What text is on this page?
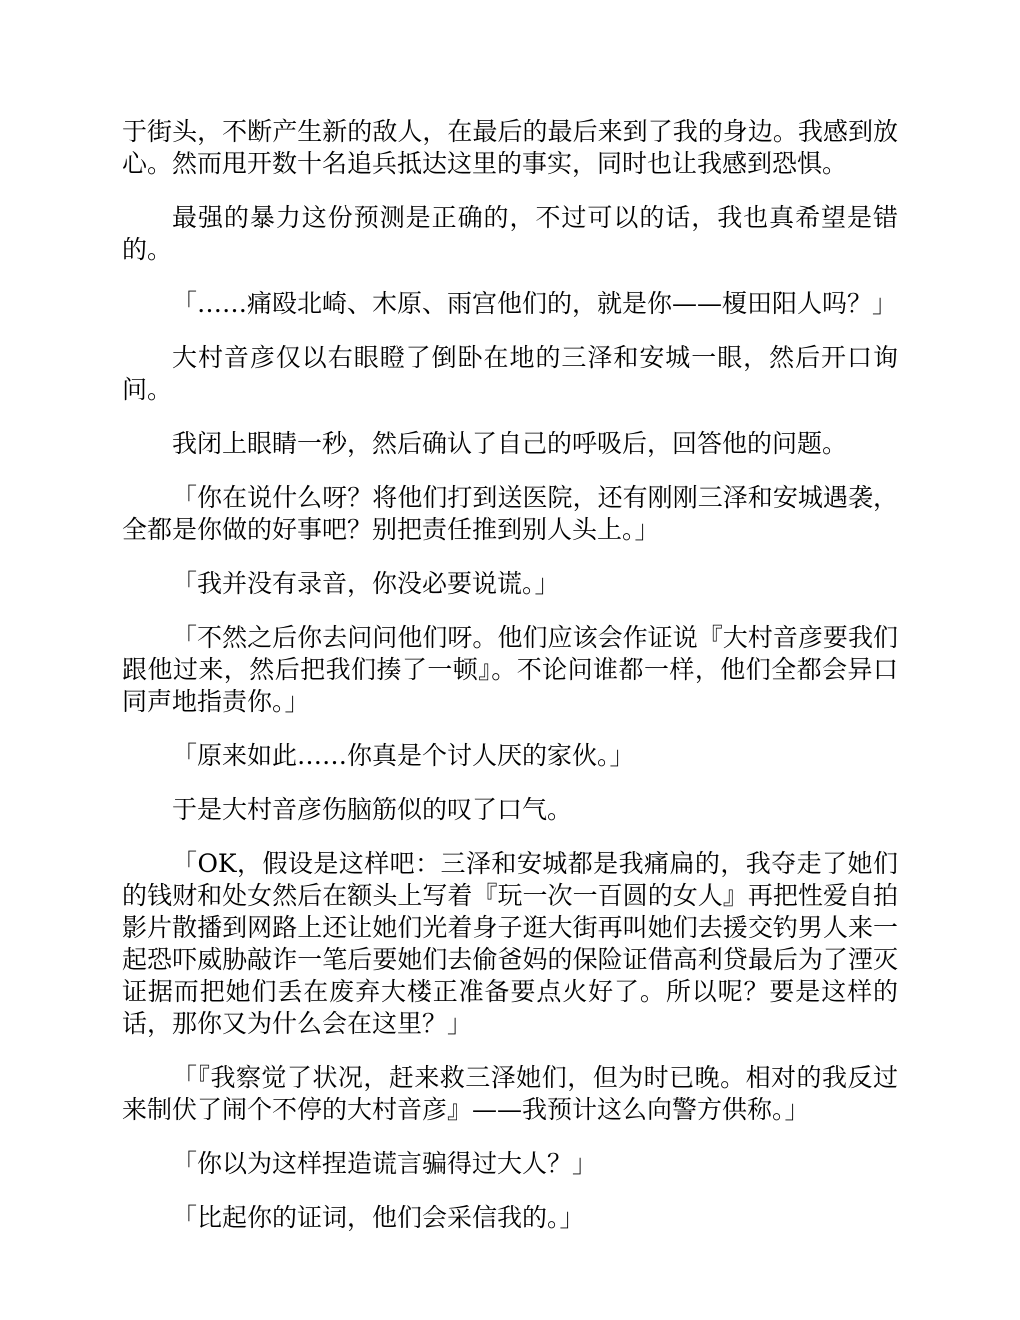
于街头，不断产生新的敌人，在最后的最后来到了我的身边。我感到放心。然而甩开数十名追兵抵达这里的事实，同时也让我感到恐惧。

最强的暴力这份预测是正确的，不过可以的话，我也真希望是错的。

「……痛殴北崎、木原、雨宫他们的，就是你——榎田阳人吗？」

大村音彦仅以右眼瞪了倒卧在地的三泽和安城一眼，然后开口询问。

我闭上眼睛一秒，然后确认了自己的呼吸后，回答他的问题。

「你在说什么呀？将他们打到送医院，还有刚刚三泽和安城遇袭，全都是你做的好事吧？别把责任推到别人头上。」

「我并没有录音，你没必要说谎。」

「不然之后你去问问他们呀。他们应该会作证说『大村音彦要我们跟他过来，然后把我们揍了一顿』。不论问谁都一样，他们全都会异口同声地指责你。」

「原来如此……你真是个讨人厌的家伙。」

于是大村音彦伤脑筋似的叹了口气。

「OK，假设是这样吧：三泽和安城都是我痛扁的，我夺走了她们的钱财和处女然后在额头上写着『玩一次一百圆的女人』再把性爱自拍影片散播到网路上还让她们光着身子逛大街再叫她们去援交钓男人来一起恐吓威胁敲诈一笔后要她们去偷爸妈的保险证借高利贷最后为了湮灭证据而把她们丢在废弃大楼正准备要点火好了。所以呢？要是这样的话，那你又为什么会在这里？」

「『我察觉了状况，赶来救三泽她们，但为时已晚。相对的我反过来制伏了闹个不停的大村音彦』——我预计这么向警方供称。」

「你以为这样捏造谎言骗得过大人？」

「比起你的证词，他们会采信我的。」
